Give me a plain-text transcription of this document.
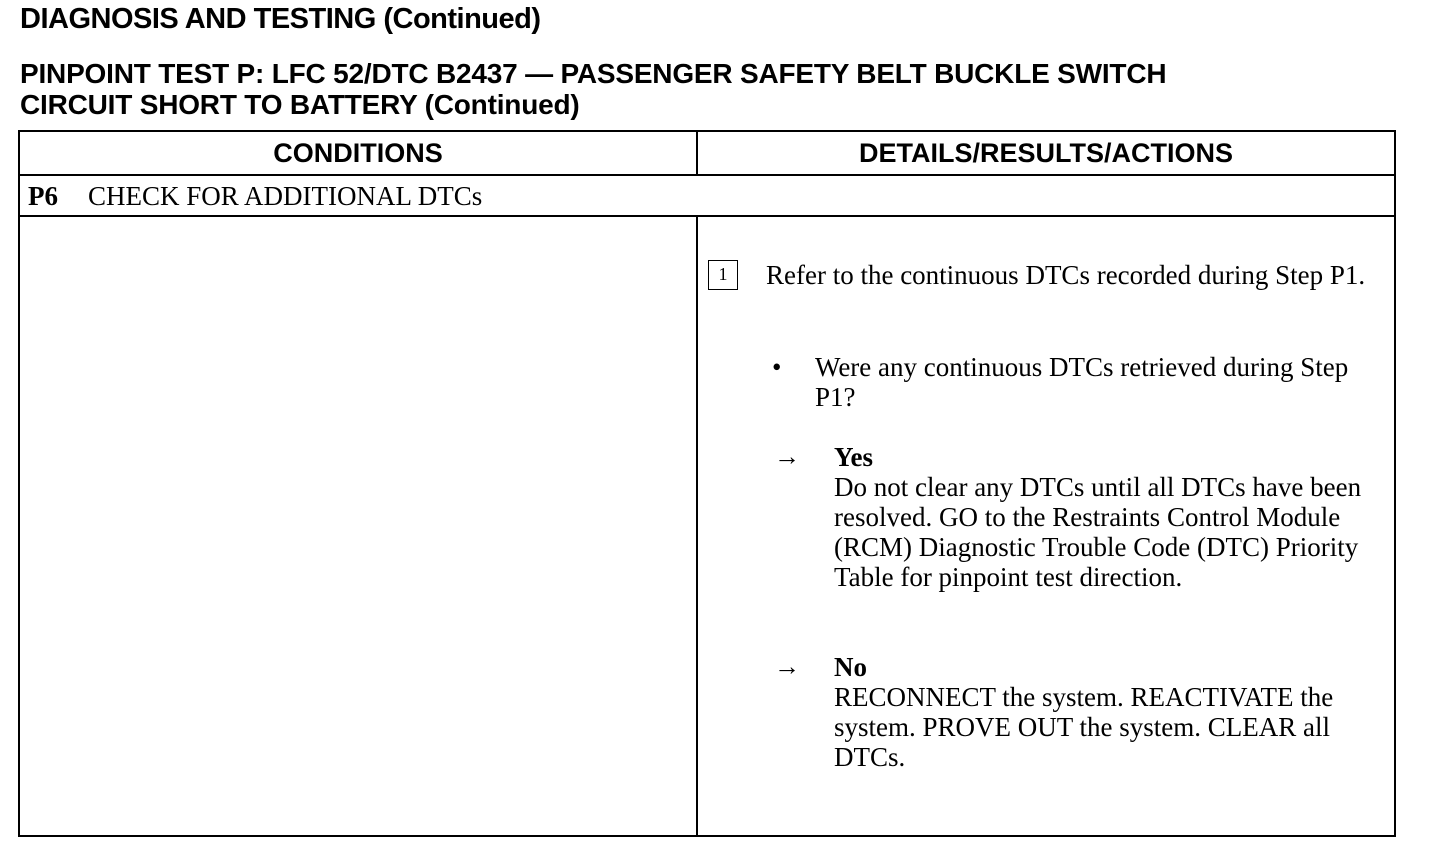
DIAGNOSIS AND TESTING (Continued)
PINPOINT TEST P: LFC 52/DTC B2437 — PASSENGER SAFETY BELT BUCKLE SWITCH
CIRCUIT SHORT TO BATTERY (Continued)
CONDITIONS	DETAILS/RESULTS/ACTIONS
P6 CHECK FOR ADDITIONAL DTCs
1	Refer to the continuous DTCs recorded during Step P1.
• Were any continuous DTCs retrieved during Step P1?
→ Yes
Do not clear any DTCs until all DTCs have been resolved. GO to the Restraints Control Module (RCM) Diagnostic Trouble Code (DTC) Priority Table for pinpoint test direction.
→ No
RECONNECT the system. REACTIVATE the system. PROVE OUT the system. CLEAR all DTCs.
